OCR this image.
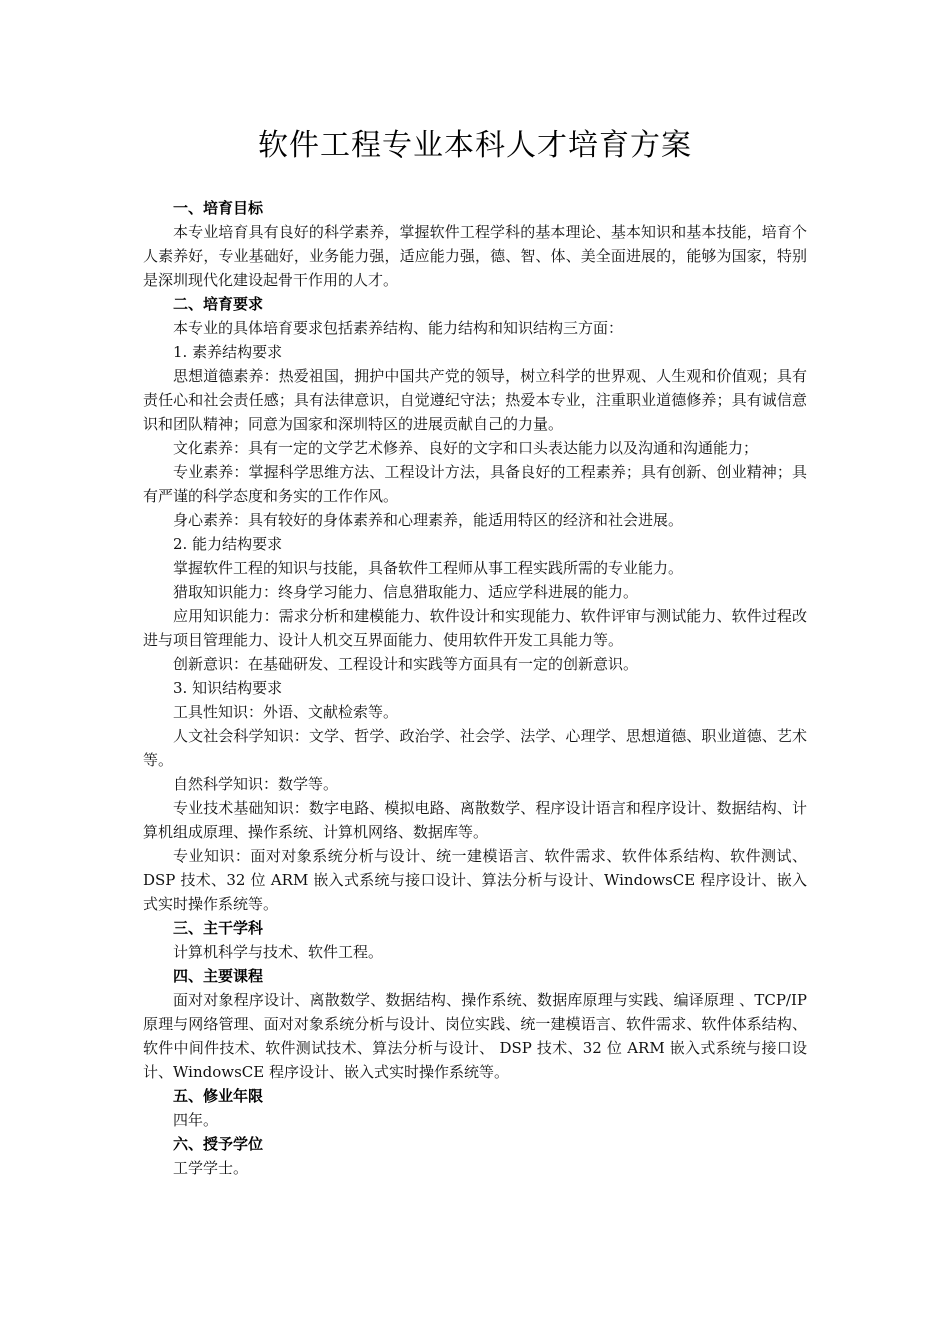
软件工程专业本科人才培育方案
一、培育目标

本专业培育具有良好的科学素养，掌握软件工程学科的基本理论、基本知识和基本技能，培育个人素养好，专业基础好，业务能力强，适应能力强，德、智、体、美全面进展的，能够为国家，特别是深圳现代化建设起骨干作用的人才。

二、培育要求

本专业的具体培育要求包括素养结构、能力结构和知识结构三方面：

1. 素养结构要求

思想道德素养：热爱祖国，拥护中国共产党的领导，树立科学的世界观、人生观和价值观；具有责任心和社会责任感；具有法律意识，自觉遵纪守法；热爱本专业，注重职业道德修养；具有诚信意识和团队精神；同意为国家和深圳特区的进展贡献自己的力量。

文化素养：具有一定的文学艺术修养、良好的文字和口头表达能力以及沟通和沟通能力；

专业素养：掌握科学思维方法、工程设计方法，具备良好的工程素养；具有创新、创业精神；具有严谨的科学态度和务实的工作作风。

身心素养：具有较好的身体素养和心理素养，能适用特区的经济和社会进展。

2. 能力结构要求

掌握软件工程的知识与技能，具备软件工程师从事工程实践所需的专业能力。

猎取知识能力：终身学习能力、信息猎取能力、适应学科进展的能力。

应用知识能力：需求分析和建模能力、软件设计和实现能力、软件评审与测试能力、软件过程改进与项目管理能力、设计人机交互界面能力、使用软件开发工具能力等。

创新意识：在基础研发、工程设计和实践等方面具有一定的创新意识。

3. 知识结构要求

工具性知识：外语、文献检索等。

人文社会科学知识：文学、哲学、政治学、社会学、法学、心理学、思想道德、职业道德、艺术等。

自然科学知识：数学等。

专业技术基础知识：数字电路、模拟电路、离散数学、程序设计语言和程序设计、数据结构、计算机组成原理、操作系统、计算机网络、数据库等。

专业知识：面对对象系统分析与设计、统一建模语言、软件需求、软件体系结构、软件测试、DSP 技术、32 位 ARM 嵌入式系统与接口设计、算法分析与设计、WindowsCE 程序设计、嵌入式实时操作系统等。

三、主干学科

计算机科学与技术、软件工程。

四、主要课程

面对对象程序设计、离散数学、数据结构、操作系统、数据库原理与实践、编译原理 、TCP/IP 原理与网络管理、面对对象系统分析与设计、岗位实践、统一建模语言、软件需求、软件体系结构、软件中间件技术、软件测试技术、算法分析与设计、 DSP 技术、32 位 ARM 嵌入式系统与接口设计、WindowsCE 程序设计、嵌入式实时操作系统等。

五、修业年限

四年。

六、授予学位

工学学士。
